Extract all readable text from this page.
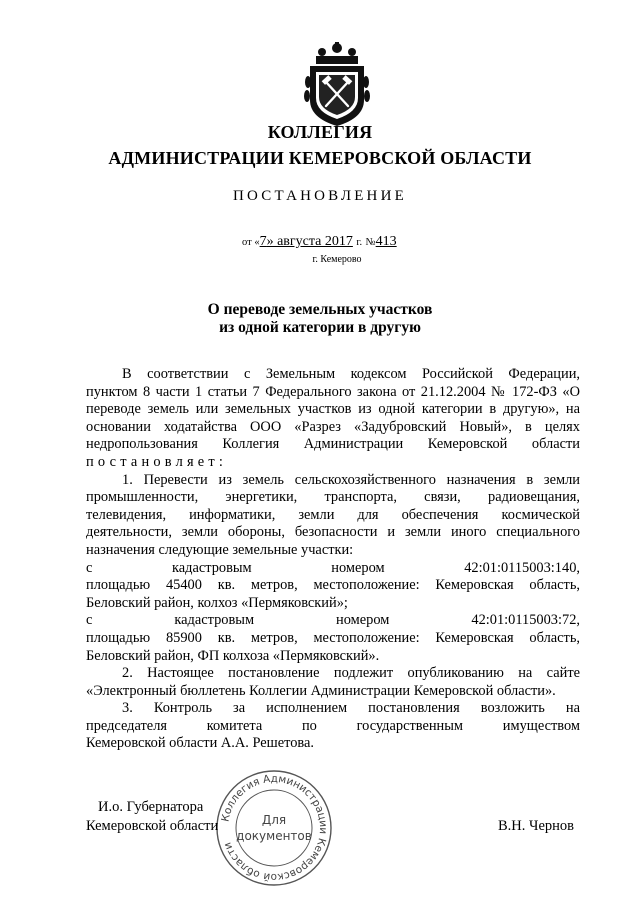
КОЛЛЕГИЯ
АДМИНИСТРАЦИИ КЕМЕРОВСКОЙ ОБЛАСТИ
ПОСТАНОВЛЕНИЕ
от «7» августа 2017 г. №413
г. Кемерово
О переводе земельных участков
из одной категории в другую

В соответствии с Земельным кодексом Российской Федерации,

пунктом 8 части 1 статьи 7 Федерального закона от 21.12.2004 № 172-ФЗ «О

переводе земель или земельных участков из одной категории в другую», на

основании ходатайства ООО «Разрез «Задубровский Новый», в целях

недропользования Коллегия Администрации Кемеровской области

постановляет:

1. Перевести из земель сельскохозяйственного назначения в земли

промышленности, энергетики, транспорта, связи, радиовещания,

телевидения, информатики, земли для обеспечения космической

деятельности, земли обороны, безопасности и земли иного специального

назначения следующие земельные участки:

с кадастровым номером 42:01:0115003:140,

площадью 45400 кв. метров, местоположение: Кемеровская область,

Беловский район, колхоз «Пермяковский»;

с кадастровым номером 42:01:0115003:72,

площадью 85900 кв. метров, местоположение: Кемеровская область,

Беловский район, ФП колхоза «Пермяковский».

2. Настоящее постановление подлежит опубликованию на сайте

«Электронный бюллетень Коллегии Администрации Кемеровской области».

3. Контроль за исполнением постановления возложить на

председателя комитета по государственным имуществом

Кемеровской области А.А. Решетова.

Коллегия Администрации Кемеровской области
Для
документов
И.о. Губернатора
Кемеровской области	В.Н. Чернов
